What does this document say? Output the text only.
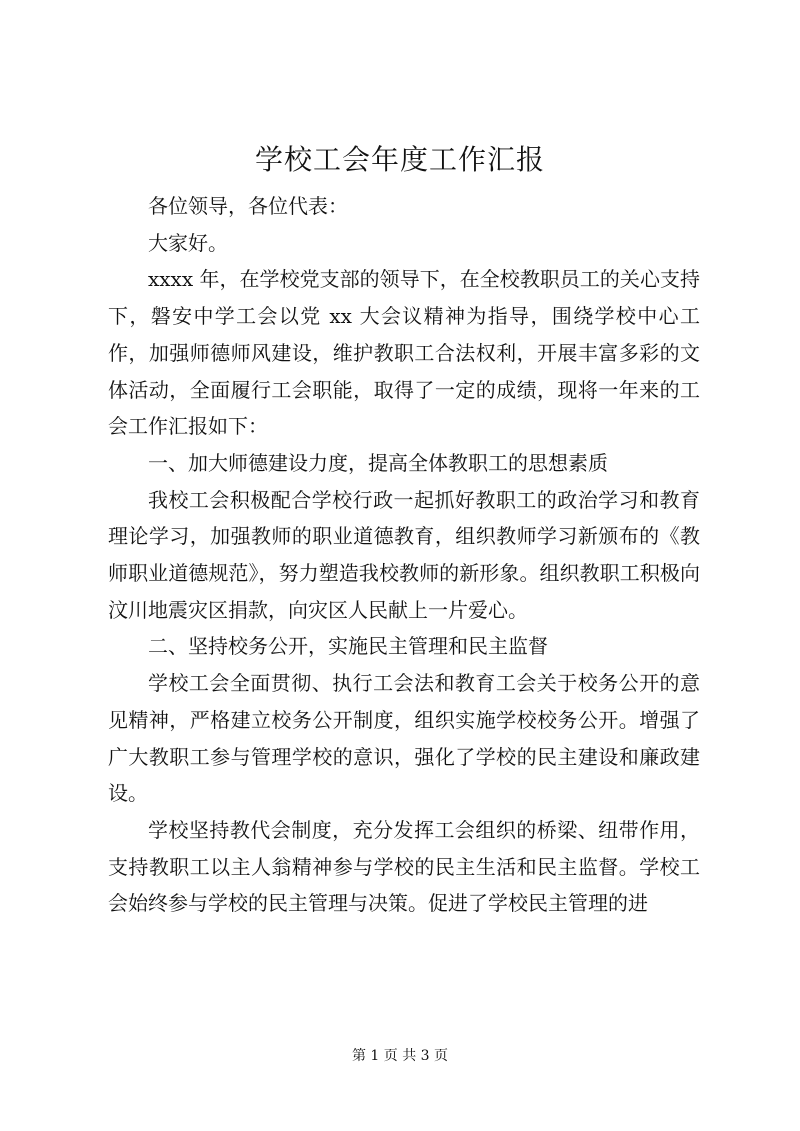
学校工会年度工作汇报

各位领导，各位代表：

大家好。

xxxx 年，在学校党支部的领导下，在全校教职员工的关心支持下，磐安中学工会以党 xx 大会议精神为指导，围绕学校中心工作，加强师德师风建设，维护教职工合法权利，开展丰富多彩的文体活动，全面履行工会职能，取得了一定的成绩，现将一年来的工会工作汇报如下：

一、加大师德建设力度，提高全体教职工的思想素质

我校工会积极配合学校行政一起抓好教职工的政治学习和教育理论学习，加强教师的职业道德教育，组织教师学习新颁布的《教师职业道德规范》，努力塑造我校教师的新形象。组织教职工积极向汶川地震灾区捐款，向灾区人民献上一片爱心。

二、坚持校务公开，实施民主管理和民主监督

学校工会全面贯彻、执行工会法和教育工会关于校务公开的意见精神，严格建立校务公开制度，组织实施学校校务公开。增强了广大教职工参与管理学校的意识，强化了学校的民主建设和廉政建设。

学校坚持教代会制度，充分发挥工会组织的桥梁、纽带作用，支持教职工以主人翁精神参与学校的民主生活和民主监督。学校工会始终参与学校的民主管理与决策。促进了学校民主管理的进

第 1 页 共 3 页
